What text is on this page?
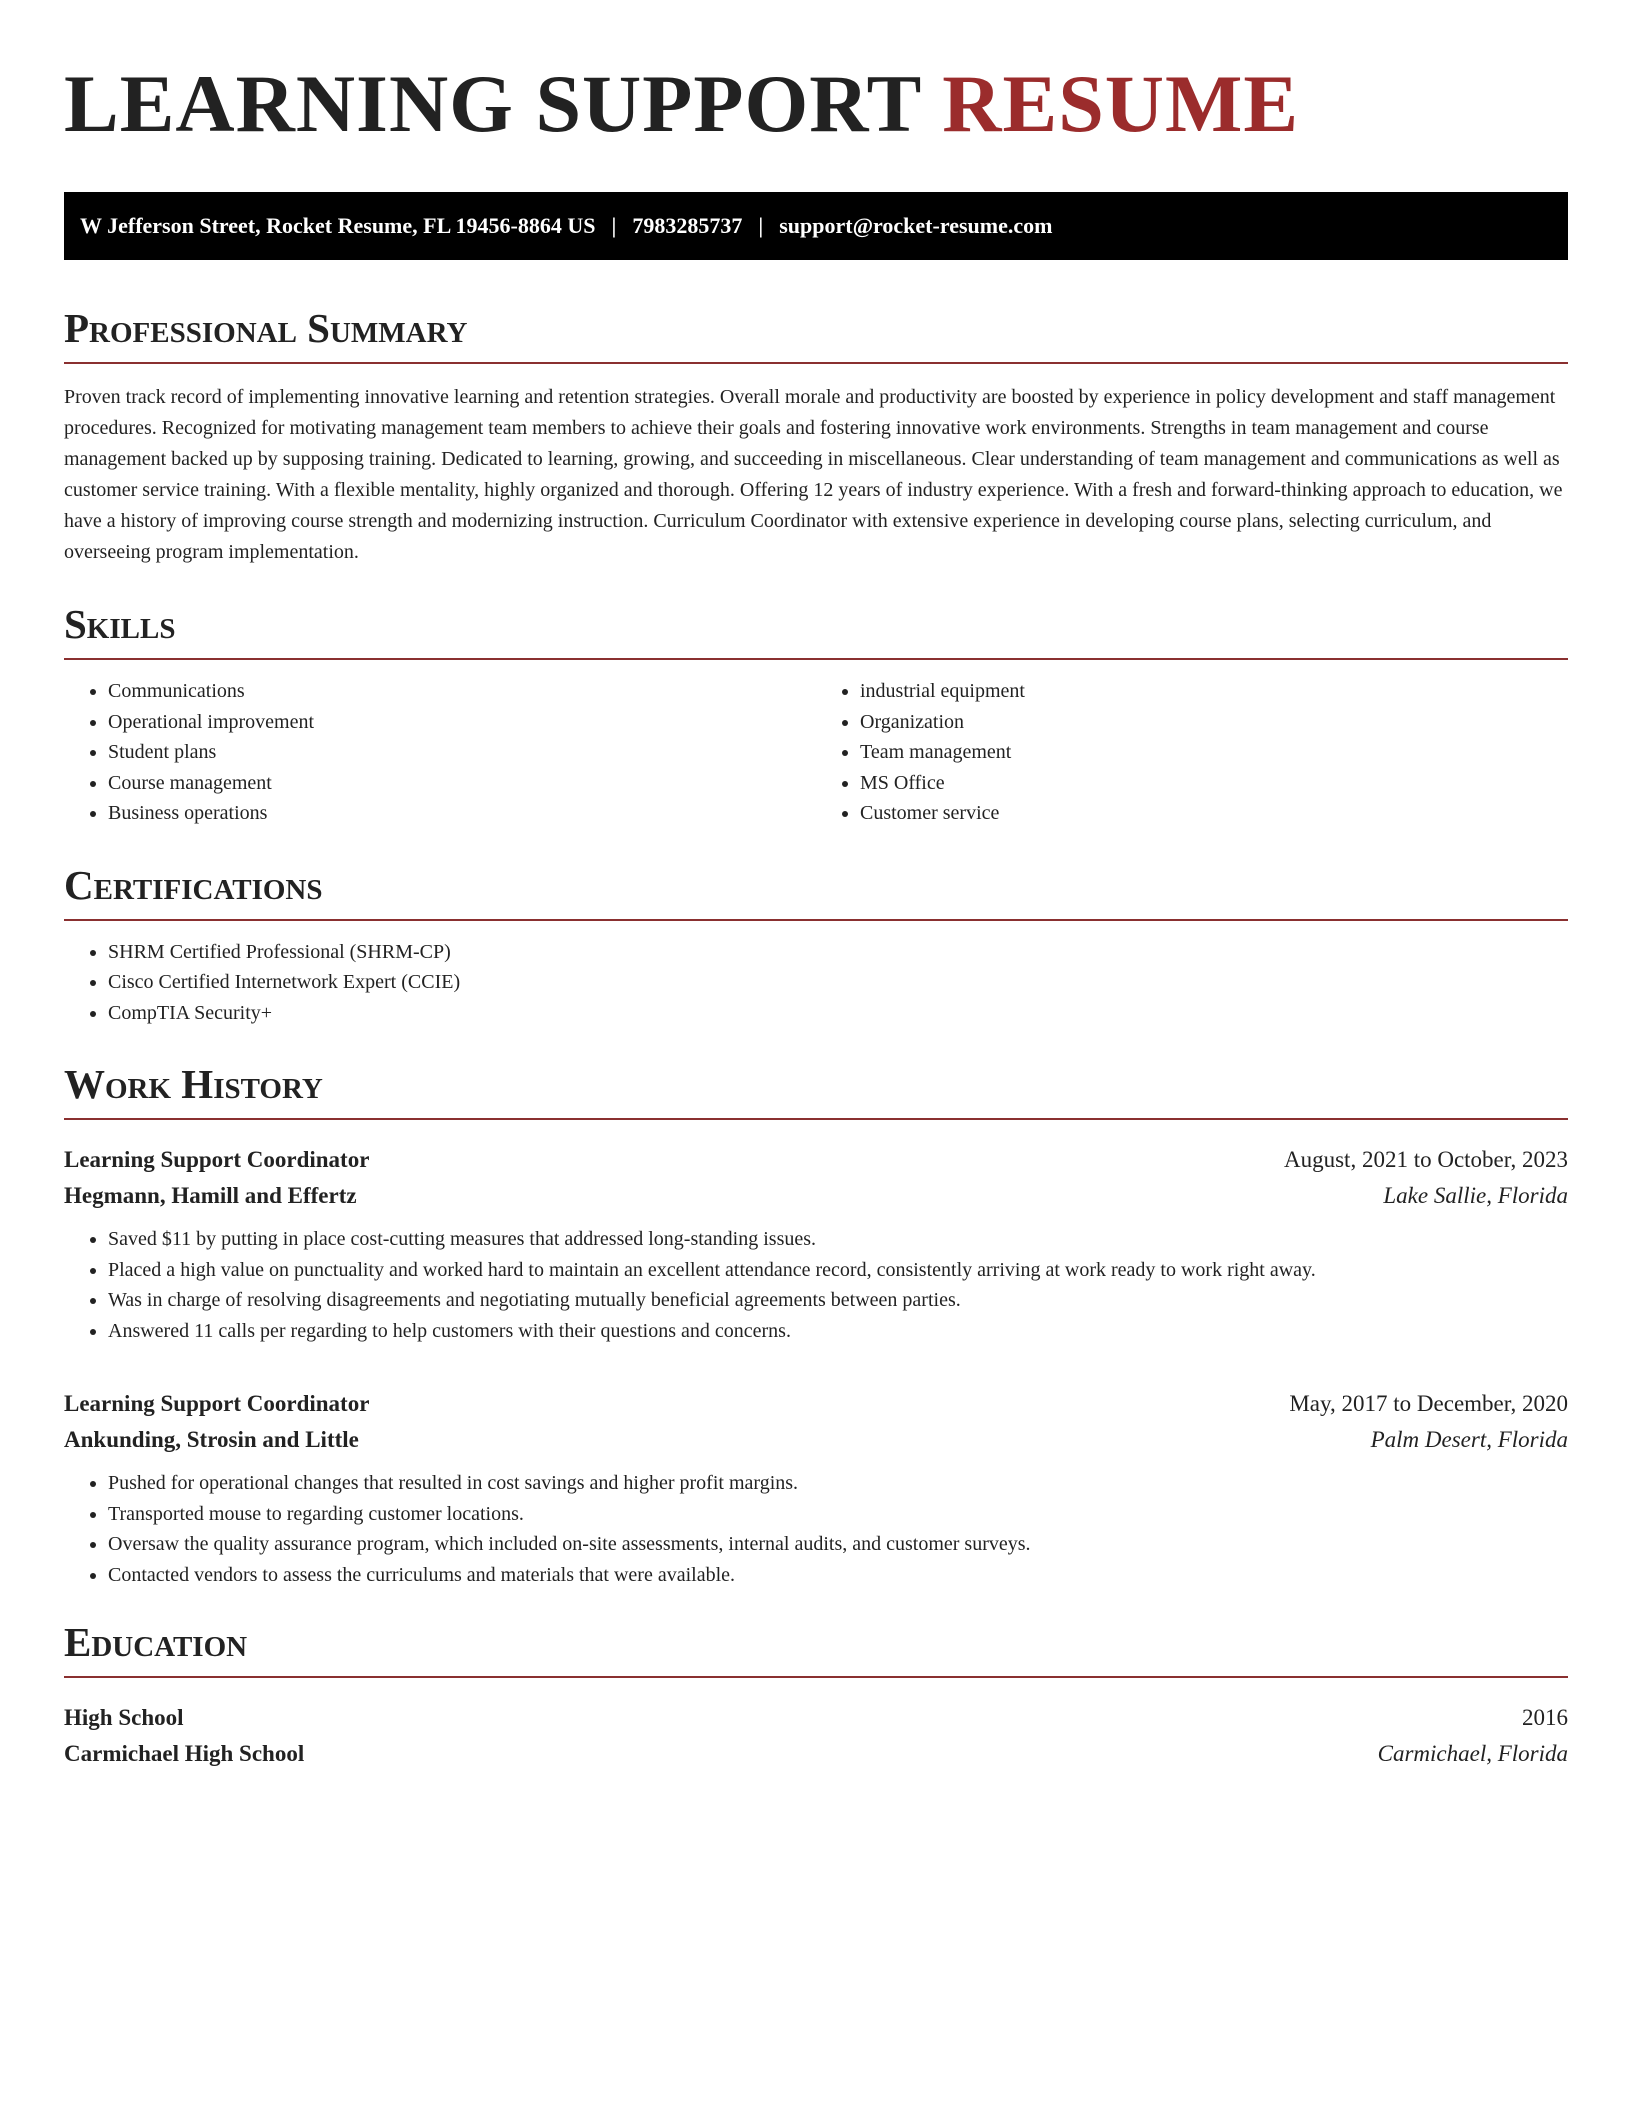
LEARNING SUPPORT RESUME
W Jefferson Street, Rocket Resume, FL 19456-8864 US | 7983285737 | support@rocket-resume.com
Professional Summary

Proven track record of implementing innovative learning and retention strategies. Overall morale and productivity are boosted by experience in policy development and staff management procedures. Recognized for motivating management team members to achieve their goals and fostering innovative work environments. Strengths in team management and course management backed up by supposing training. Dedicated to learning, growing, and succeeding in miscellaneous. Clear understanding of team management and communications as well as customer service training. With a flexible mentality, highly organized and thorough. Offering 12 years of industry experience. With a fresh and forward-thinking approach to education, we have a history of improving course strength and modernizing instruction. Curriculum Coordinator with extensive experience in developing course plans, selecting curriculum, and overseeing program implementation.

Skills
• Communications
• Operational improvement
• Student plans
• Course management
• Business operations
• industrial equipment
• Organization
• Team management
• MS Office
• Customer service
Certifications
• SHRM Certified Professional (SHRM-CP)
• Cisco Certified Internetwork Expert (CCIE)
• CompTIA Security+
Work History
Learning Support Coordinator	August, 2021 to October, 2023
Hegmann, Hamill and Effertz	Lake Sallie, Florida
• Saved $11 by putting in place cost-cutting measures that addressed long-standing issues.
• Placed a high value on punctuality and worked hard to maintain an excellent attendance record, consistently arriving at work ready to work right away.
• Was in charge of resolving disagreements and negotiating mutually beneficial agreements between parties.
• Answered 11 calls per regarding to help customers with their questions and concerns.
Learning Support Coordinator	May, 2017 to December, 2020
Ankunding, Strosin and Little	Palm Desert, Florida
• Pushed for operational changes that resulted in cost savings and higher profit margins.
• Transported mouse to regarding customer locations.
• Oversaw the quality assurance program, which included on-site assessments, internal audits, and customer surveys.
• Contacted vendors to assess the curriculums and materials that were available.
Education
High School	2016
Carmichael High School	Carmichael, Florida
